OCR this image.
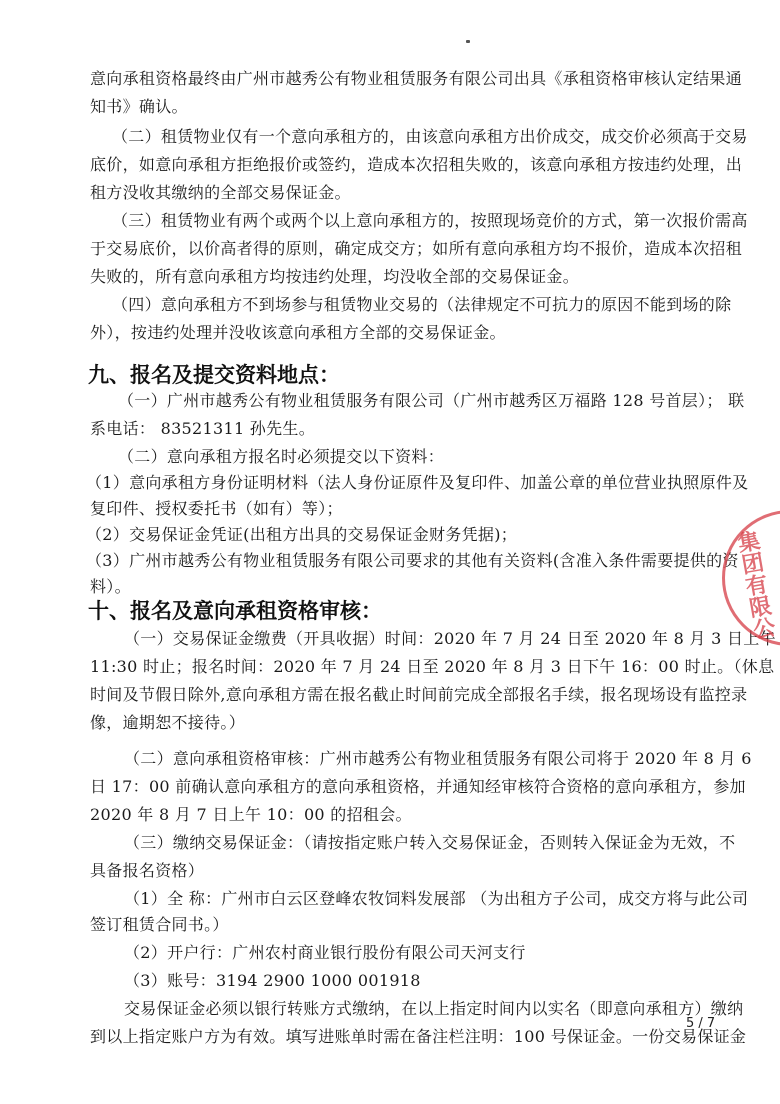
意向承租资格最终由广州市越秀公有物业租赁服务有限公司出具《承租资格审核认定结果通
知书》确认。
（二）租赁物业仅有一个意向承租方的，由该意向承租方出价成交，成交价必须高于交易
底价，如意向承租方拒绝报价或签约，造成本次招租失败的，该意向承租方按违约处理，出
租方没收其缴纳的全部交易保证金。
（三）租赁物业有两个或两个以上意向承租方的，按照现场竞价的方式，第一次报价需高
于交易底价，以价高者得的原则，确定成交方；如所有意向承租方均不报价，造成本次招租
失败的，所有意向承租方均按违约处理，均没收全部的交易保证金。
（四）意向承租方不到场参与租赁物业交易的（法律规定不可抗力的原因不能到场的除
外），按违约处理并没收该意向承租方全部的交易保证金。
九、报名及提交资料地点：
（一）广州市越秀公有物业租赁服务有限公司（广州市越秀区万福路 128 号首层）； 联
系电话： 83521311 孙先生。
（二）意向承租方报名时必须提交以下资料：
（1）意向承租方身份证明材料（法人身份证原件及复印件、加盖公章的单位营业执照原件及
复印件、授权委托书（如有）等）；
（2）交易保证金凭证(出租方出具的交易保证金财务凭据)；
（3）广州市越秀公有物业租赁服务有限公司要求的其他有关资料(含准入条件需要提供的资
料）。
十、报名及意向承租资格审核：
（一）交易保证金缴费（开具收据）时间：2020 年 7 月 24 日至 2020 年 8 月 3 日上午
11:30 时止；报名时间：2020 年 7 月 24 日至 2020 年 8 月 3 日下午 16：00 时止。（休息
时间及节假日除外,意向承租方需在报名截止时间前完成全部报名手续，报名现场设有监控录
像，逾期恕不接待。）
（二）意向承租资格审核：广州市越秀公有物业租赁服务有限公司将于 2020 年 8 月 6
日 17：00 前确认意向承租方的意向承租资格，并通知经审核符合资格的意向承租方，参加
2020 年 8 月 7 日上午 10：00 的招租会。
（三）缴纳交易保证金：（请按指定账户转入交易保证金，否则转入保证金为无效，不
具备报名资格）
（1）全 称：广州市白云区登峰农牧饲料发展部 （为出租方子公司，成交方将与此公司
签订租赁合同书。）
（2）开户行：广州农村商业银行股份有限公司天河支行
（3）账号：3194 2900 1000 001918
交易保证金必须以银行转账方式缴纳，在以上指定时间内以实名（即意向承租方）缴纳
到以上指定账户方为有效。填写进账单时需在备注栏注明：100 号保证金。一份交易保证金
5 / 7
集团有限公
